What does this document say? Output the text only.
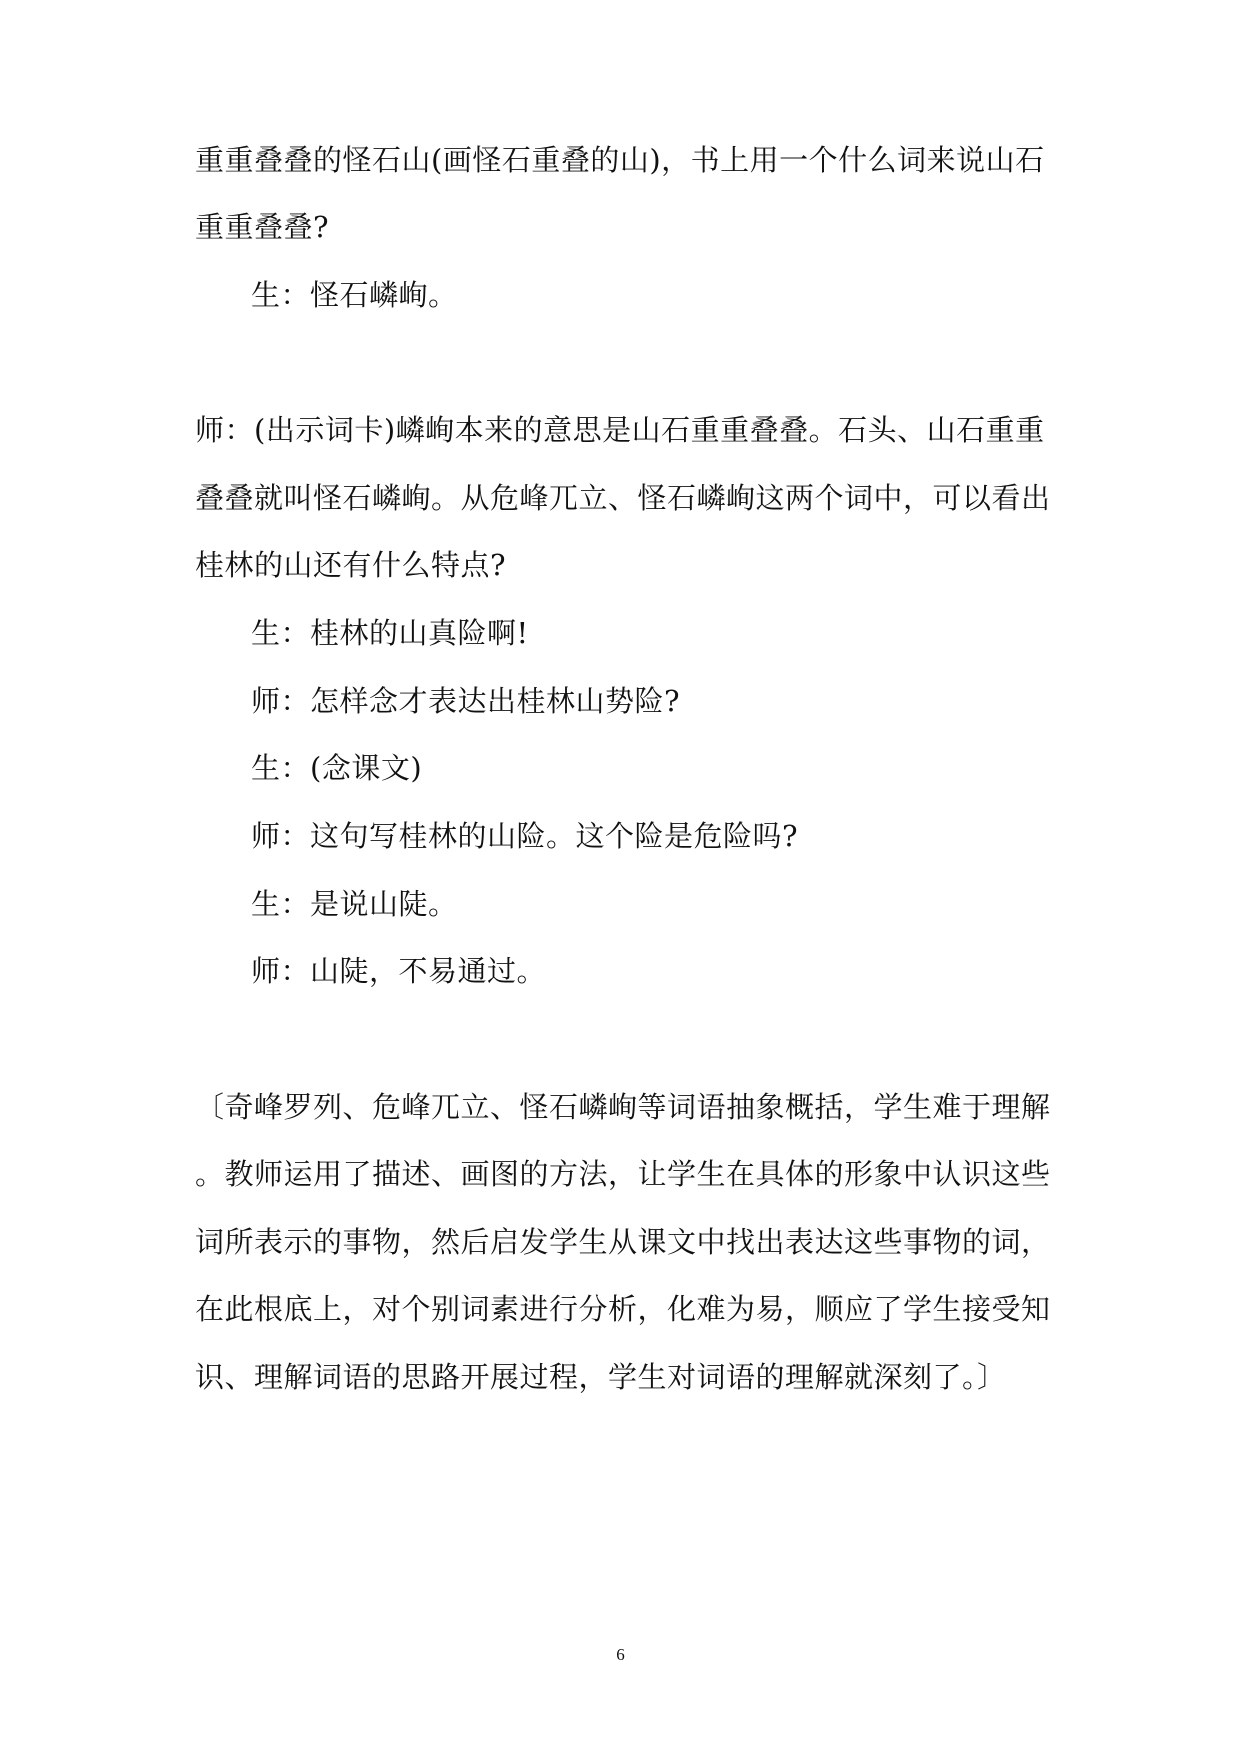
重重叠叠的怪石山(画怪石重叠的山)，书上用一个什么词来说山石
重重叠叠?
生：怪石嶙峋。
师：(出示词卡)嶙峋本来的意思是山石重重叠叠。石头、山石重重
叠叠就叫怪石嶙峋。从危峰兀立、怪石嶙峋这两个词中，可以看出
桂林的山还有什么特点?
生：桂林的山真险啊!
师：怎样念才表达出桂林山势险?
生：(念课文)
师：这句写桂林的山险。这个险是危险吗?
生：是说山陡。
师：山陡，不易通过。
〔奇峰罗列、危峰兀立、怪石嶙峋等词语抽象概括，学生难于理解
。教师运用了描述、画图的方法，让学生在具体的形象中认识这些
词所表示的事物，然后启发学生从课文中找出表达这些事物的词，
在此根底上，对个别词素进行分析，化难为易，顺应了学生接受知
识、理解词语的思路开展过程，学生对词语的理解就深刻了。〕
6
